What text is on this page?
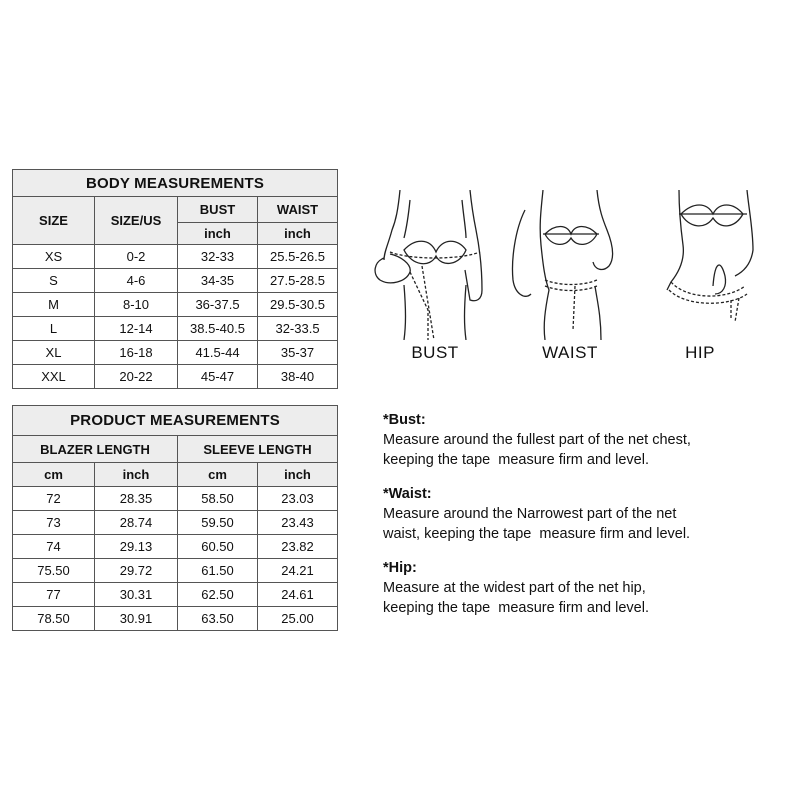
BODY MEASUREMENTS			
SIZE	SIZE/US	BUST	WAIST
		inch	inch
XS	0-2	32-33	25.5-26.5
S	4-6	34-35	27.5-28.5
M	8-10	36-37.5	29.5-30.5
L	12-14	38.5-40.5	32-33.5
XL	16-18	41.5-44	35-37
XXL	20-22	45-47	38-40
PRODUCT MEASUREMENTS			
BLAZER LENGTH		SLEEVE LENGTH	
cm	inch	cm	inch
72	28.35	58.50	23.03
73	28.74	59.50	23.43
74	29.13	60.50	23.82
75.50	29.72	61.50	24.21
77	30.31	62.50	24.61
78.50	30.91	63.50	25.00
BUST	WAIST	HIP
*Bust:
Measure around the fullest part of the net chest,
keeping the tape  measure firm and level.
*Waist:
Measure around the Narrowest part of the net
waist, keeping the tape  measure firm and level.
*Hip:
Measure at the widest part of the net hip,
keeping the tape  measure firm and level.
